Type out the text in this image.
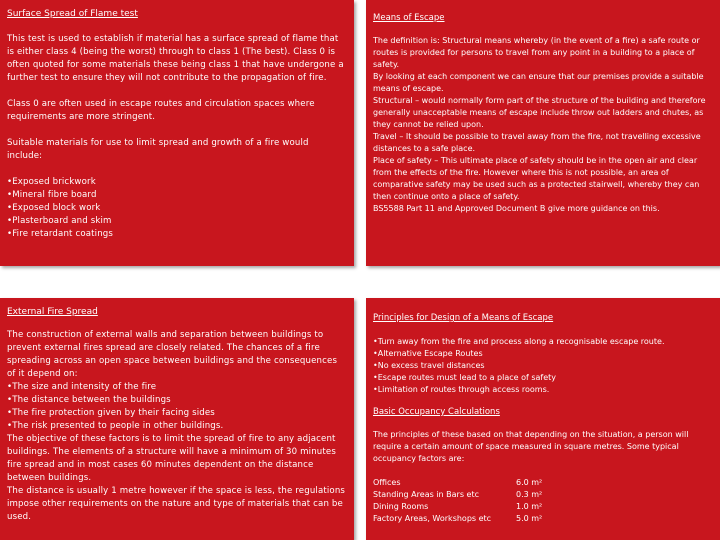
Surface Spread of Flame test

This test is used to establish if material has a surface spread of flame that is either class 4 (being the worst) through to class 1 (The best). Class 0 is often quoted for some materials these being class 1 that have undergone a further test to ensure they will not contribute to the propagation of fire.

Class 0 are often used in escape routes and circulation spaces where requirements are more stringent.

Suitable materials for use to limit spread and growth of a fire would include:

•Exposed brickwork
•Mineral fibre board
•Exposed block work
•Plasterboard and skim
•Fire retardant coatings
Means of Escape

The definition is: Structural means whereby (in the event of a fire) a safe route or routes is provided for persons to travel from any point in a building to a place of safety.

By looking at each component we can ensure that our premises provide a suitable means of escape.

Structural – would normally form part of the structure of the building and therefore generally unacceptable means of escape include throw out ladders and chutes, as they cannot be relied upon.

Travel – It should be possible to travel away from the fire, not travelling excessive distances to a safe place.

Place of safety – This ultimate place of safety should be in the open air and clear from the effects of the fire. However where this is not possible, an area of comparative safety may be used such as a protected stairwell, whereby they can then continue onto a place of safety.

BS5588 Part 11 and Approved Document B give more guidance on this.

External Fire Spread

The construction of external walls and separation between buildings to prevent external fires spread are closely related. The chances of a fire spreading across an open space between buildings and the consequences of it depend on:

•The size and intensity of the fire

•The distance between the buildings

•The fire protection given by their facing sides

•The risk presented to people in other buildings.

The objective of these factors is to limit the spread of fire to any adjacent buildings. The elements of a structure will have a minimum of 30 minutes fire spread and in most cases 60 minutes dependent on the distance between buildings.

The distance is usually 1 metre however if the space is less, the regulations impose other requirements on the nature and type of materials that can be used.

Principles for Design of a Means of Escape
•Turn away from the fire and process along a recognisable escape route.
•Alternative Escape Routes
•No excess travel distances
•Escape routes must lead to a place of safety
•Limitation of routes through access rooms.
Basic Occupancy Calculations

The principles of these based on that depending on the situation, a person will require a certain amount of space measured in square metres. Some typical occupancy factors are:

Offices	6.0 m²
Standing Areas in Bars etc	0.3 m²
Dining Rooms	1.0 m²
Factory Areas, Workshops etc	5.0 m²
